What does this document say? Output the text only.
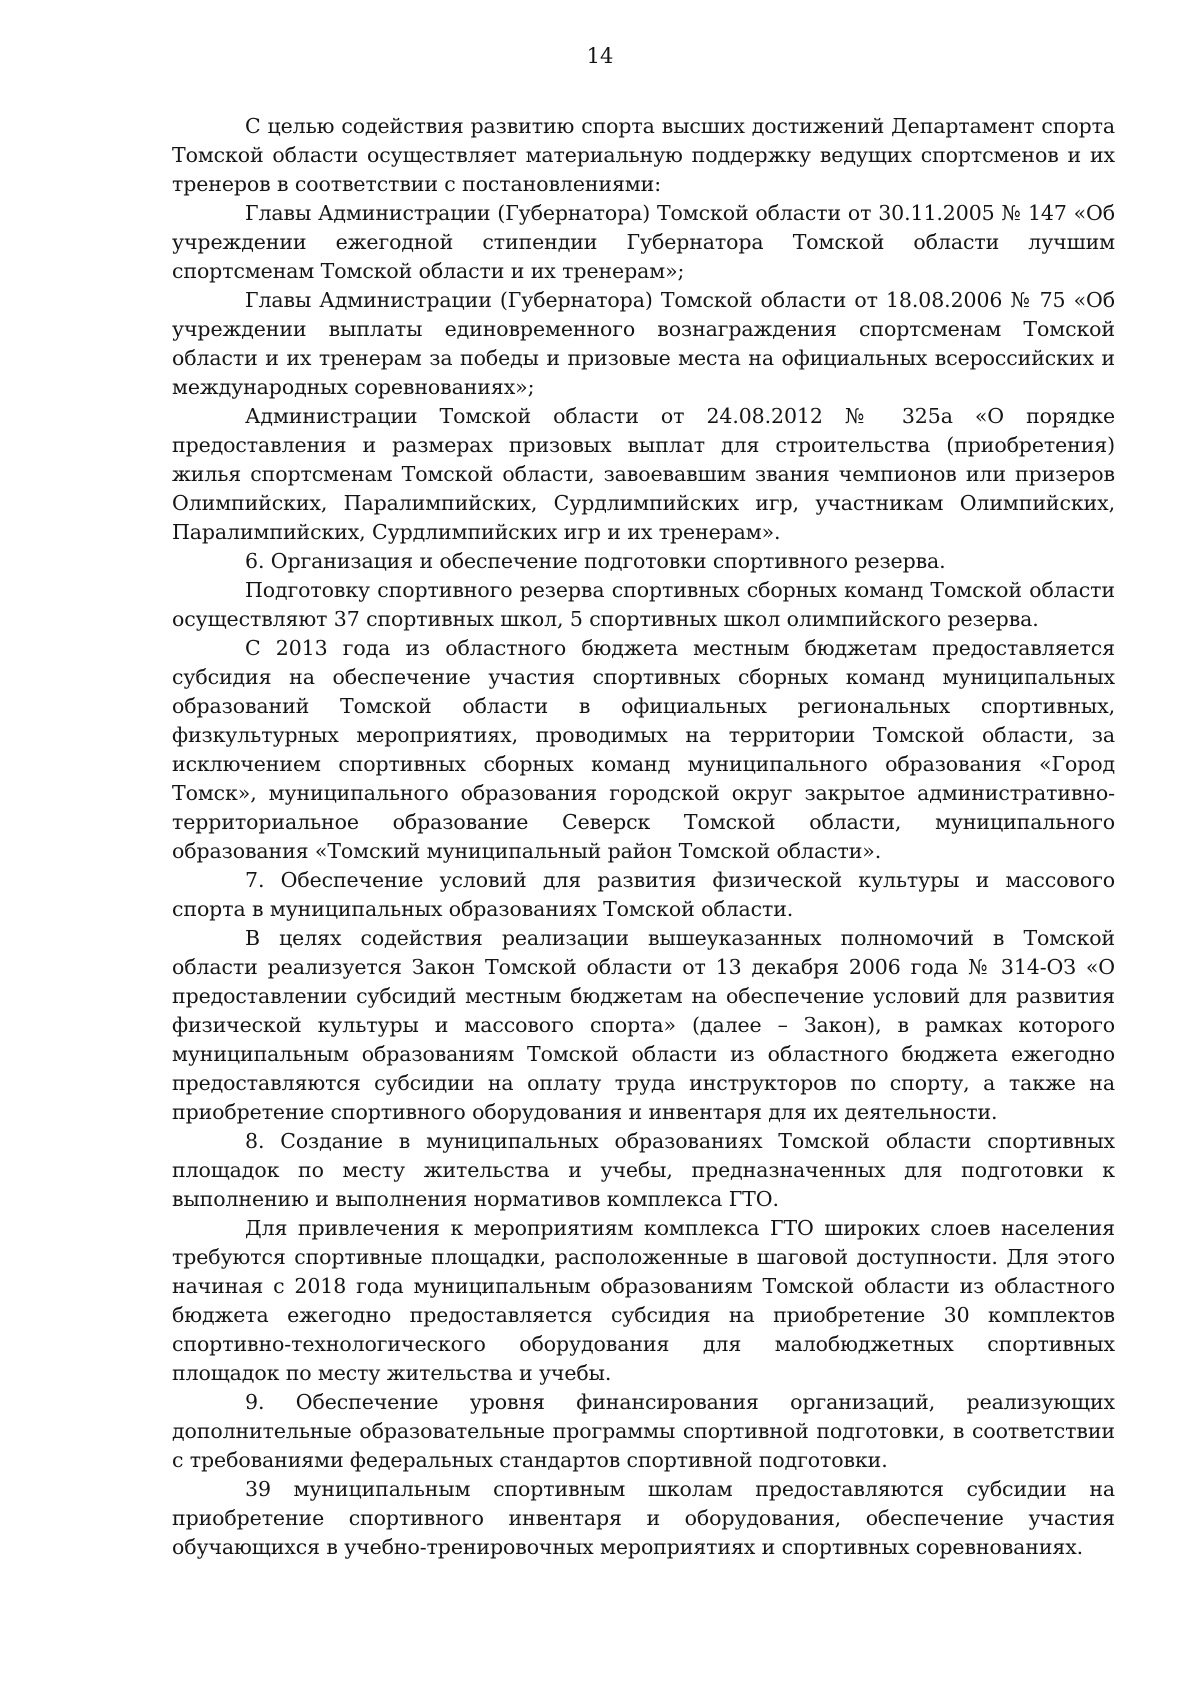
14

С целью содействия развитию спорта высших достижений Департамент спорта Томской области осуществляет материальную поддержку ведущих спортсменов и их тренеров в соответствии с постановлениями:

Главы Администрации (Губернатора) Томской области от 30.11.2005 № 147 «Об учреждении ежегодной стипендии Губернатора Томской области лучшим спортсменам Томской области и их тренерам»;

Главы Администрации (Губернатора) Томской области от 18.08.2006 № 75 «Об учреждении выплаты единовременного вознаграждения спортсменам Томской области и их тренерам за победы и призовые места на официальных всероссийских и международных соревнованиях»;

Администрации Томской области от 24.08.2012 № 325а «О порядке предоставления и размерах призовых выплат для строительства (приобретения) жилья спортсменам Томской области, завоевавшим звания чемпионов или призеров Олимпийских, Паралимпийских, Сурдлимпийских игр, участникам Олимпийских, Паралимпийских, Сурдлимпийских игр и их тренерам».

6. Организация и обеспечение подготовки спортивного резерва.

Подготовку спортивного резерва спортивных сборных команд Томской области осуществляют 37 спортивных школ, 5 спортивных школ олимпийского резерва.

С 2013 года из областного бюджета местным бюджетам предоставляется субсидия на обеспечение участия спортивных сборных команд муниципальных образований Томской области в официальных региональных спортивных, физкультурных мероприятиях, проводимых на территории Томской области, за исключением спортивных сборных команд муниципального образования «Город Томск», муниципального образования городской округ закрытое административно-территориальное образование Северск Томской области, муниципального образования «Томский муниципальный район Томской области».

7. Обеспечение условий для развития физической культуры и массового спорта в муниципальных образованиях Томской области.

В целях содействия реализации вышеуказанных полномочий в Томской области реализуется Закон Томской области от 13 декабря 2006 года № 314-ОЗ «О предоставлении субсидий местным бюджетам на обеспечение условий для развития физической культуры и массового спорта» (далее – Закон), в рамках которого муниципальным образованиям Томской области из областного бюджета ежегодно предоставляются субсидии на оплату труда инструкторов по спорту, а также на приобретение спортивного оборудования и инвентаря для их деятельности.

8. Создание в муниципальных образованиях Томской области спортивных площадок по месту жительства и учебы, предназначенных для подготовки к выполнению и выполнения нормативов комплекса ГТО.

Для привлечения к мероприятиям комплекса ГТО широких слоев населения требуются спортивные площадки, расположенные в шаговой доступности. Для этого начиная с 2018 года муниципальным образованиям Томской области из областного бюджета ежегодно предоставляется субсидия на приобретение 30 комплектов спортивно-технологического оборудования для малобюджетных спортивных площадок по месту жительства и учебы.

9. Обеспечение уровня финансирования организаций, реализующих дополнительные образовательные программы спортивной подготовки, в соответствии с требованиями федеральных стандартов спортивной подготовки.

39 муниципальным спортивным школам предоставляются субсидии на приобретение спортивного инвентаря и оборудования, обеспечение участия обучающихся в учебно-тренировочных мероприятиях и спортивных соревнованиях.
